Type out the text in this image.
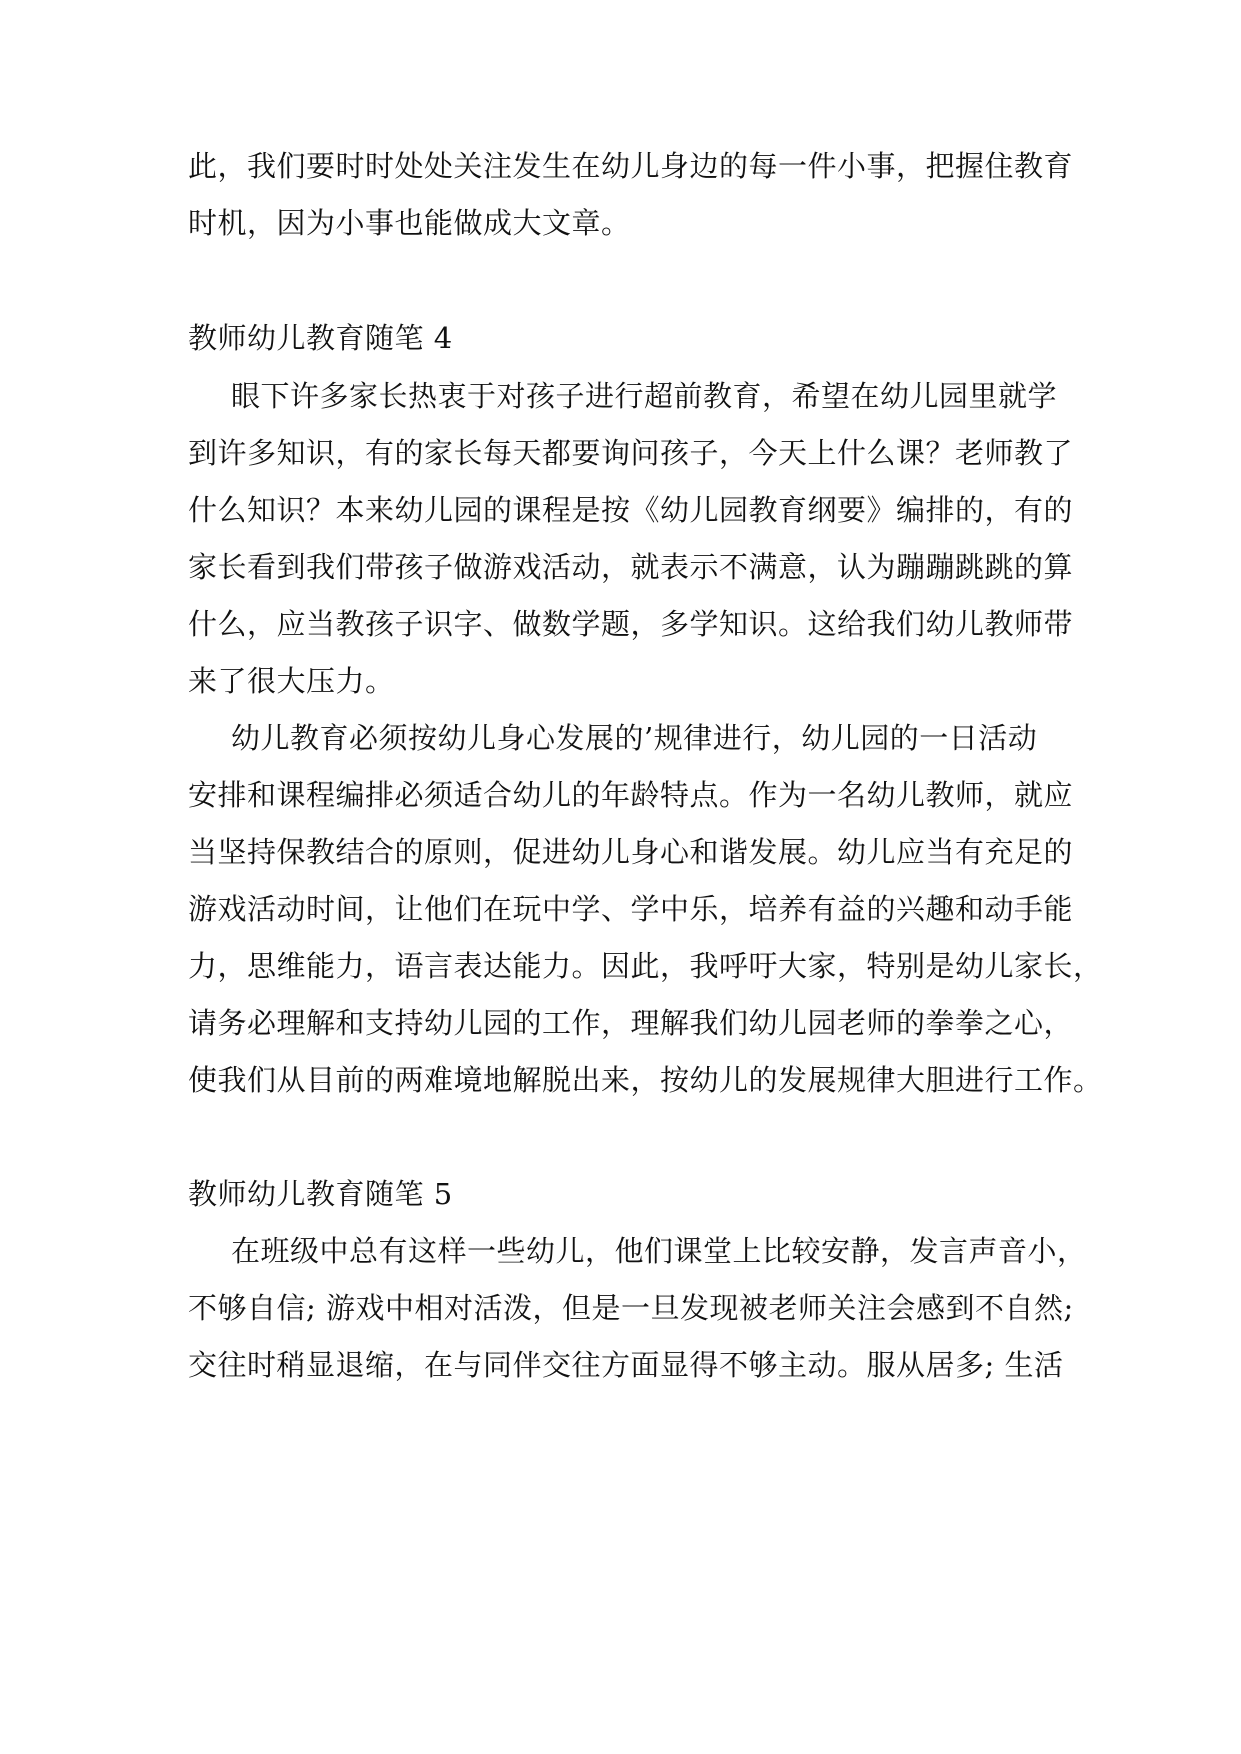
此，我们要时时处处关注发生在幼儿身边的每一件小事，把握住教育
时机，因为小事也能做成大文章。
教师幼儿教育随笔 4
眼下许多家长热衷于对孩子进行超前教育，希望在幼儿园里就学
到许多知识，有的家长每天都要询问孩子，今天上什么课？老师教了
什么知识？本来幼儿园的课程是按《幼儿园教育纲要》编排的，有的
家长看到我们带孩子做游戏活动，就表示不满意，认为蹦蹦跳跳的算
什么，应当教孩子识字、做数学题，多学知识。这给我们幼儿教师带
来了很大压力。
幼儿教育必须按幼儿身心发展的’规律进行，幼儿园的一日活动
安排和课程编排必须适合幼儿的年龄特点。作为一名幼儿教师，就应
当坚持保教结合的原则，促进幼儿身心和谐发展。幼儿应当有充足的
游戏活动时间，让他们在玩中学、学中乐，培养有益的兴趣和动手能
力，思维能力，语言表达能力。因此，我呼吁大家，特别是幼儿家长，
请务必理解和支持幼儿园的工作，理解我们幼儿园老师的拳拳之心，
使我们从目前的两难境地解脱出来，按幼儿的发展规律大胆进行工作。
教师幼儿教育随笔 5
在班级中总有这样一些幼儿，他们课堂上比较安静，发言声音小，
不够自信; 游戏中相对活泼，但是一旦发现被老师关注会感到不自然;
交往时稍显退缩，在与同伴交往方面显得不够主动。服从居多; 生活
